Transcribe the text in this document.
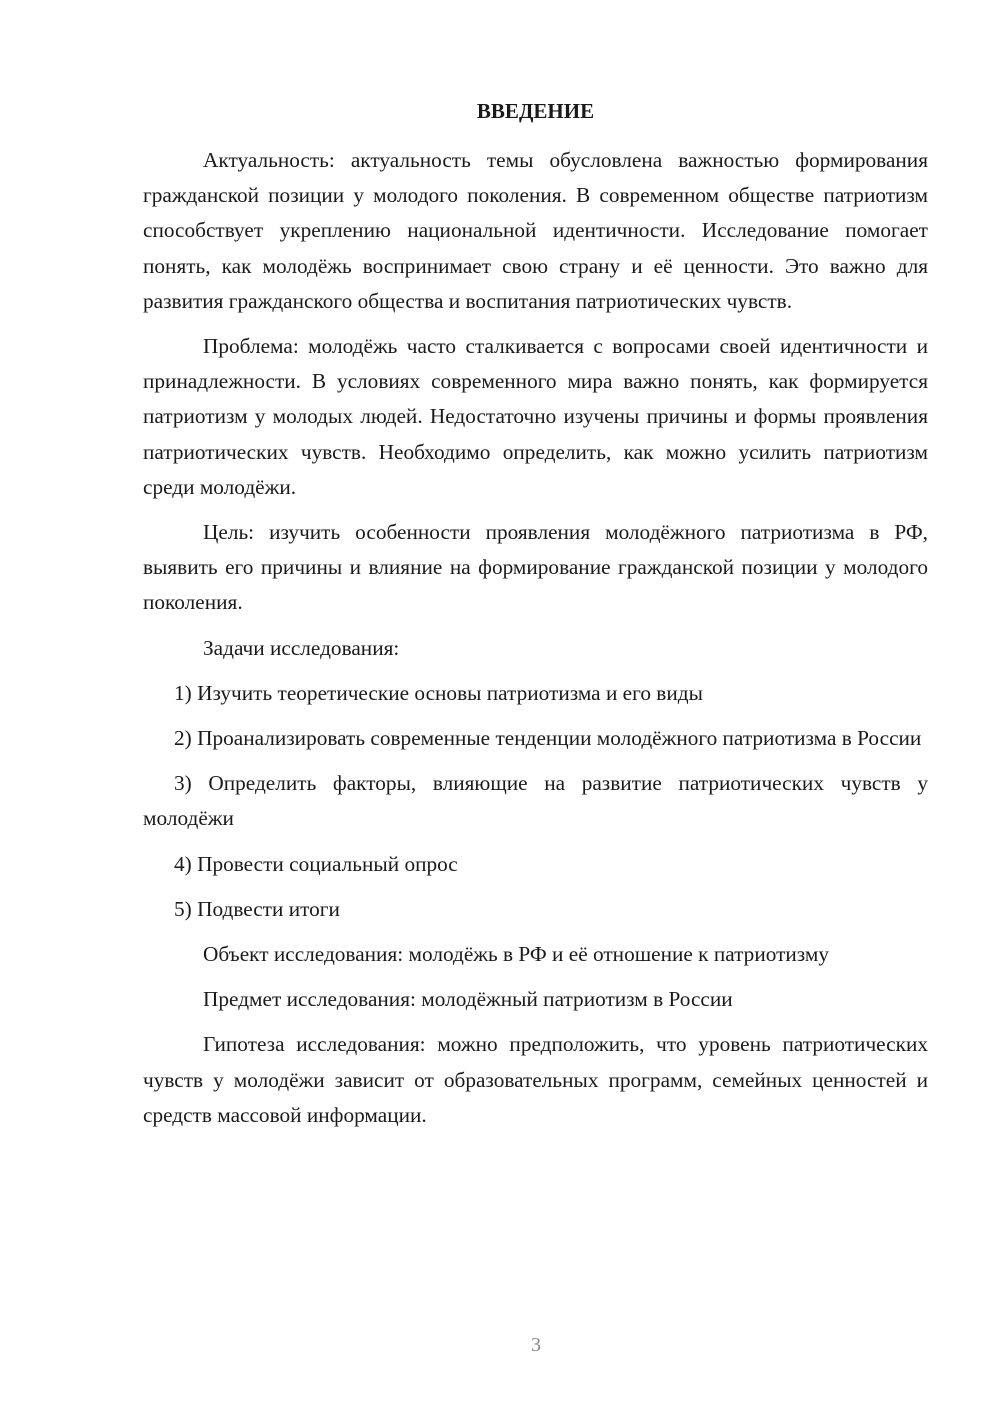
ВВЕДЕНИЕ

Актуальность: актуальность темы обусловлена важностью формирования гражданской позиции у молодого поколения. В современном обществе патриотизм способствует укреплению национальной идентичности. Исследование помогает понять, как молодёжь воспринимает свою страну и её ценности. Это важно для развития гражданского общества и воспитания патриотических чувств.

Проблема: молодёжь часто сталкивается с вопросами своей идентичности и принадлежности. В условиях современного мира важно понять, как формируется патриотизм у молодых людей. Недостаточно изучены причины и формы проявления патриотических чувств. Необходимо определить, как можно усилить патриотизм среди молодёжи.

Цель: изучить особенности проявления молодёжного патриотизма в РФ, выявить его причины и влияние на формирование гражданской позиции у молодого поколения.

Задачи исследования:

1) Изучить теоретические основы патриотизма и его виды

2) Проанализировать современные тенденции молодёжного патриотизма в России

3) Определить факторы, влияющие на развитие патриотических чувств у молодёжи

4) Провести социальный опрос

5) Подвести итоги

Объект исследования: молодёжь в РФ и её отношение к патриотизму

Предмет исследования: молодёжный патриотизм в России

Гипотеза исследования: можно предположить, что уровень патриотических чувств у молодёжи зависит от образовательных программ, семейных ценностей и средств массовой информации.

3
